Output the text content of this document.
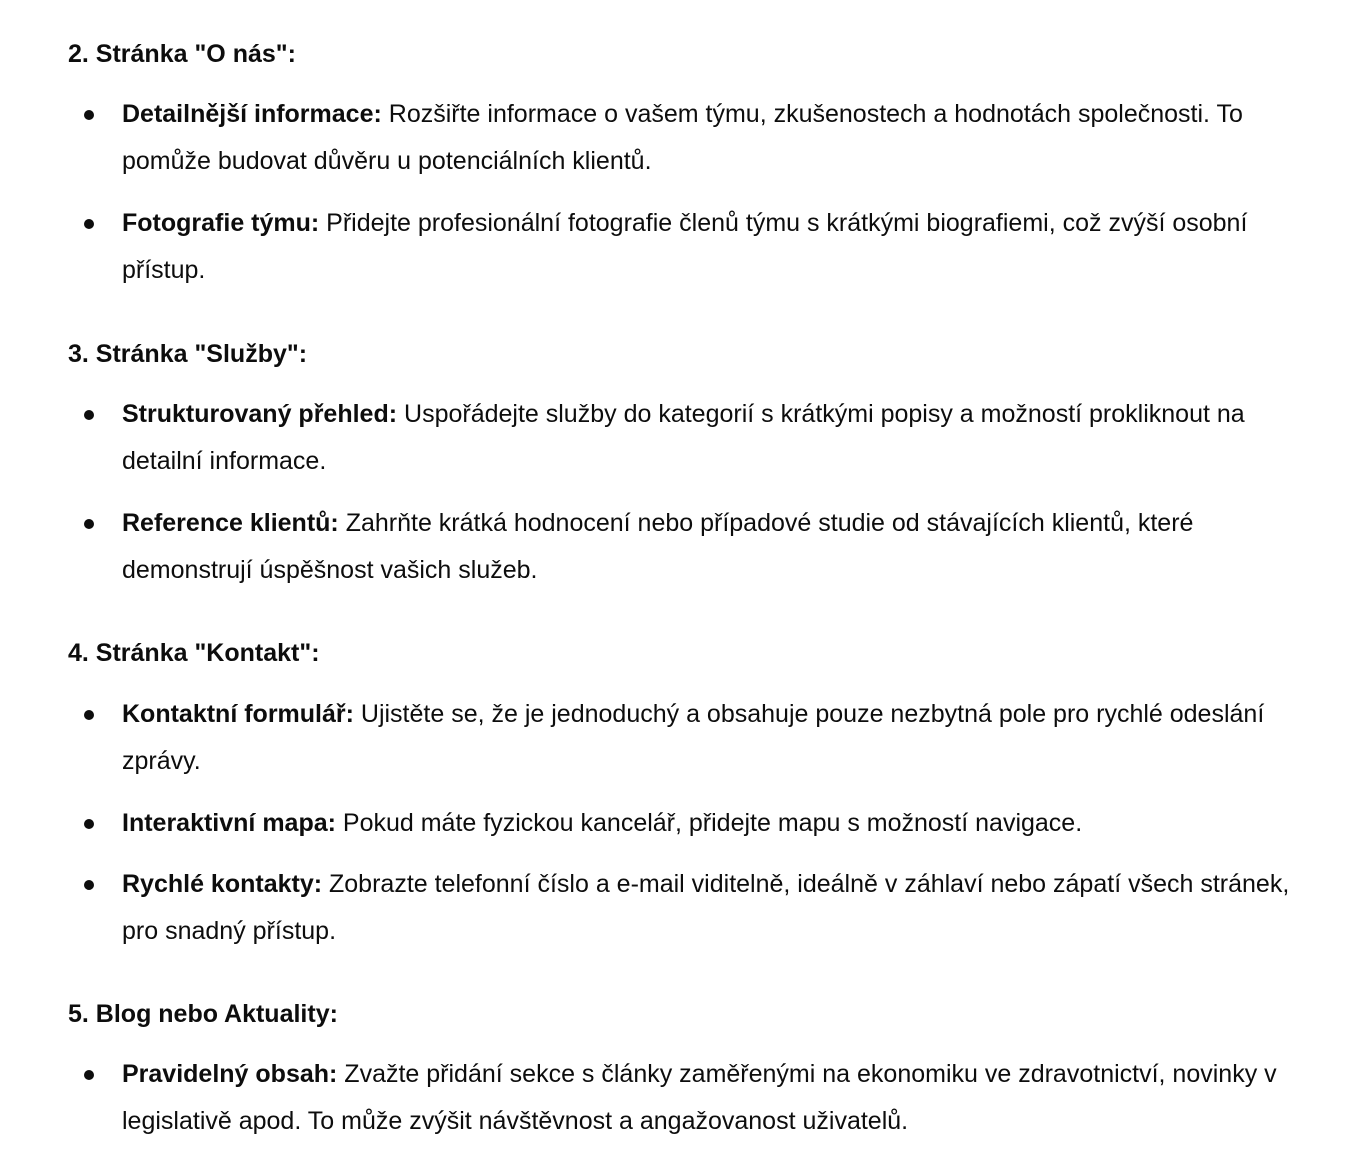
2. Stránka "O nás":
Detailnější informace: Rozšiřte informace o vašem týmu, zkušenostech a hodnotách společnosti. To pomůže budovat důvěru u potenciálních klientů.
Fotografie týmu: Přidejte profesionální fotografie členů týmu s krátkými biografiemi, což zvýší osobní přístup.
3. Stránka "Služby":
Strukturovaný přehled: Uspořádejte služby do kategorií s krátkými popisy a možností prokliknout na detailní informace.
Reference klientů: Zahrňte krátká hodnocení nebo případové studie od stávajících klientů, které demonstrují úspěšnost vašich služeb.
4. Stránka "Kontakt":
Kontaktní formulář: Ujistěte se, že je jednoduchý a obsahuje pouze nezbytná pole pro rychlé odeslání zprávy.
Interaktivní mapa: Pokud máte fyzickou kancelář, přidejte mapu s možností navigace.
Rychlé kontakty: Zobrazte telefonní číslo a e-mail viditelně, ideálně v záhlaví nebo zápatí všech stránek, pro snadný přístup.
5. Blog nebo Aktuality:
Pravidelný obsah: Zvažte přidání sekce s články zaměřenými na ekonomiku ve zdravotnictví, novinky v legislativě apod. To může zvýšit návštěvnost a angažovanost uživatelů.
